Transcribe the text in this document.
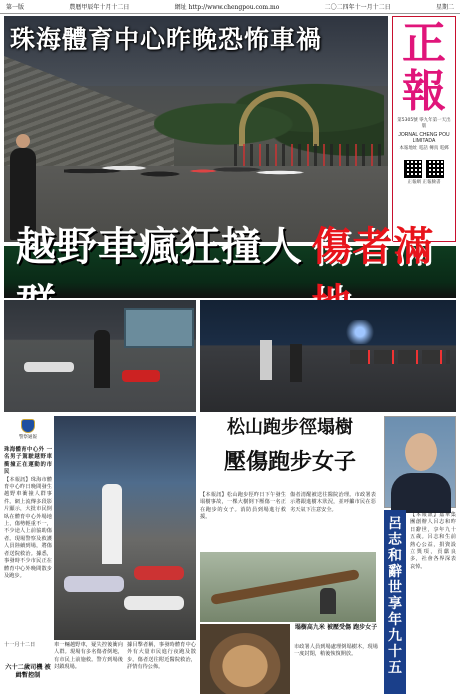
第一版	農曆甲辰年十月十二日	網址 http://www.chengpou.com.mo	二〇二四年十一月十二日	星期二
珠海體育中心昨晚恐怖車禍 正報
第5305號 零九年第一天出版
JORNAL CHENG POU LIMITADA
本報地址 電話 傳真 電郵
正報網 正報臉書
越野車瘋狂撞人 傷者滿
警察通報
珠海體育中心外 一名男子駕駛越野車衝撞正在運動的市民
【本報訊】珠海市體育中心昨日晚間發生越野車衝撞人群事件。網上流傳多段影片顯示，大批市民倒臥在體育中心外場地上，傷勢輕重不一，不少途人上前協助傷者。現場警察及救護人員陸續到場，將傷者送院救治。據悉，事發時不少市民正在體育中心外晚間散步及跑步。
十一月十二日
六十二歲司機 被緝暫控制
車一輛越野車，疑失控後衝向人群。現場有多名傷者倒地，有市民上前施救。警方到場後封鎖現場。
據目擊者稱，事發時體育中心外有大量市民進行夜跑及散步。傷者送往附近醫院救治，詳情有待公佈。
松山跑步徑塌樹
壓傷跑步女子
【本報訊】松山跑步徑昨日下午發生塌樹事故，一棵大樹倒下壓傷一名正在跑步的女子。消防員到場進行救援。
傷者清醒被送往醫院治理。市政署表示將跟進樹木狀況，並呼籲市民在惡劣天氣下注意安全。
塌樹高九米 被壓受傷 跑步女子
市政署人員到場處理倒塌樹木，現場一度封閉，稍後恢復開放。
呂
志
和
辭
世
享
年
九
十
五
【本報訊】嘉華集團創辦人呂志和昨日辭世，享年九十五歲。呂志和生前熱心公益，捐資設立獎項，貢獻良多，社會各界深表哀悼。
